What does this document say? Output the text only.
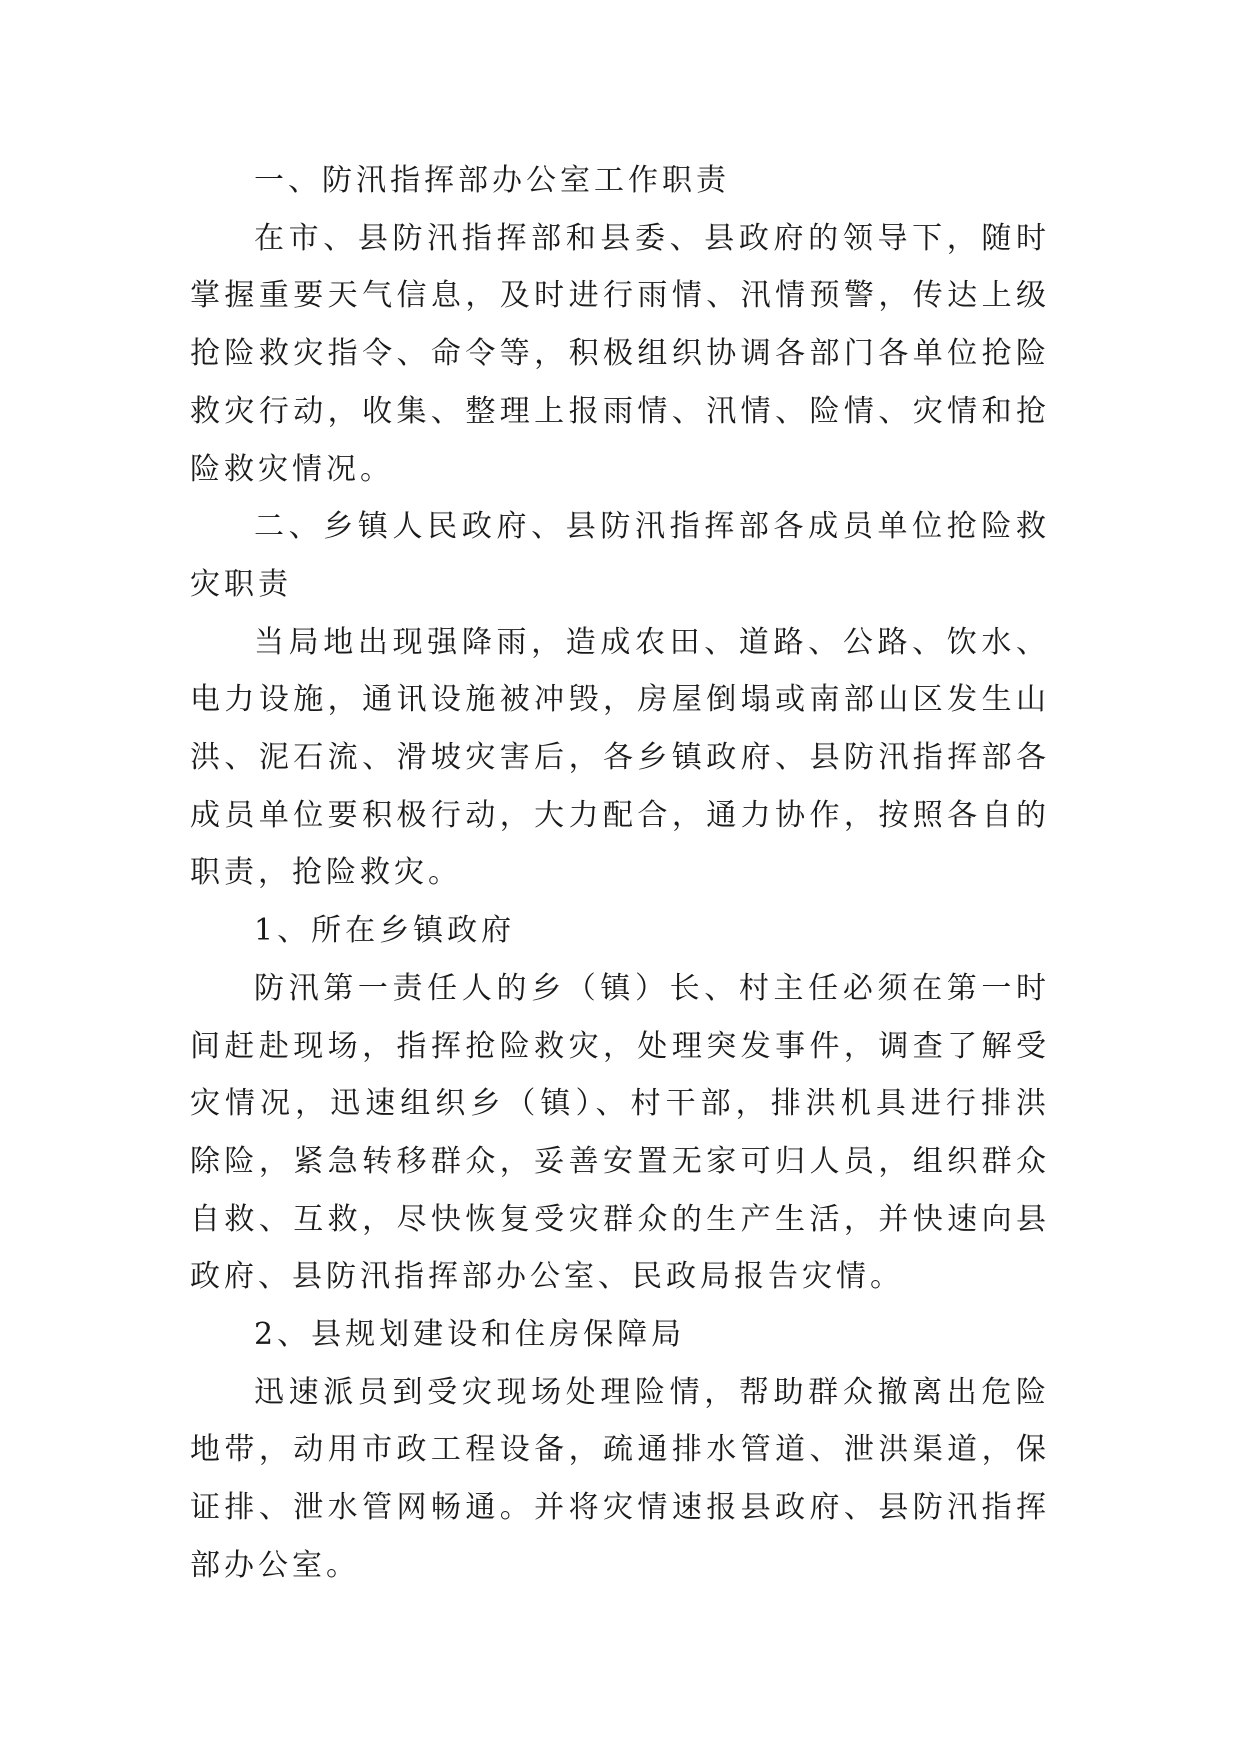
一、防汛指挥部办公室工作职责

在市、县防汛指挥部和县委、县政府的领导下，随时掌握重要天气信息，及时进行雨情、汛情预警，传达上级抢险救灾指令、命令等，积极组织协调各部门各单位抢险救灾行动，收集、整理上报雨情、汛情、险情、灾情和抢险救灾情况。

二、乡镇人民政府、县防汛指挥部各成员单位抢险救灾职责

当局地出现强降雨，造成农田、道路、公路、饮水、电力设施，通讯设施被冲毁，房屋倒塌或南部山区发生山洪、泥石流、滑坡灾害后，各乡镇政府、县防汛指挥部各成员单位要积极行动，大力配合，通力协作，按照各自的职责，抢险救灾。

1、所在乡镇政府

防汛第一责任人的乡（镇）长、村主任必须在第一时间赶赴现场，指挥抢险救灾，处理突发事件，调查了解受灾情况，迅速组织乡（镇）、村干部，排洪机具进行排洪除险，紧急转移群众，妥善安置无家可归人员，组织群众自救、互救，尽快恢复受灾群众的生产生活，并快速向县政府、县防汛指挥部办公室、民政局报告灾情。

2、县规划建设和住房保障局

迅速派员到受灾现场处理险情，帮助群众撤离出危险地带，动用市政工程设备，疏通排水管道、泄洪渠道，保证排、泄水管网畅通。并将灾情速报县政府、县防汛指挥部办公室。
